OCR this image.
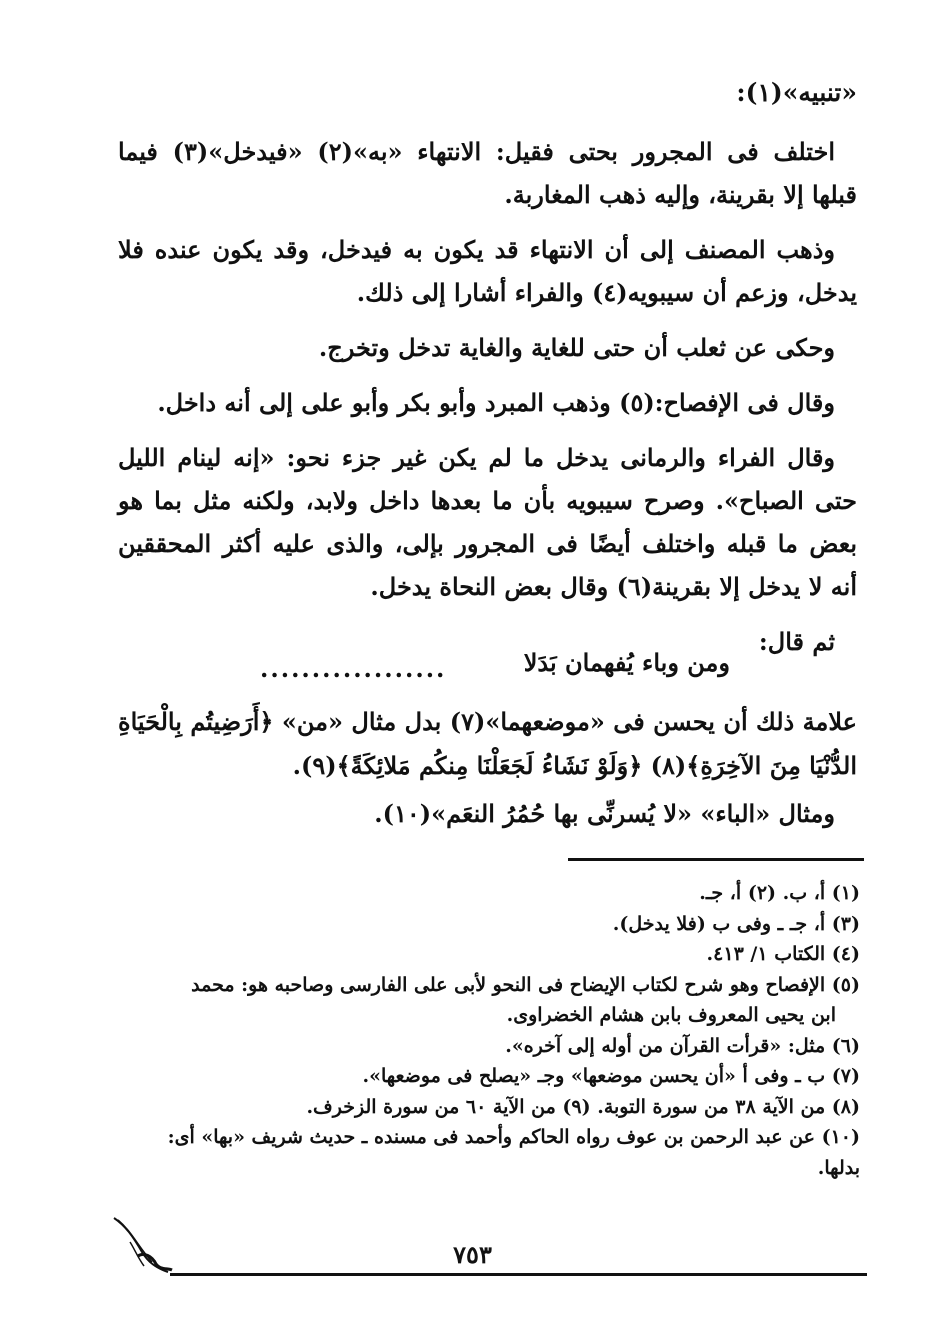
«تنبيه»(١):

اختلف فى المجرور بحتى فقيل: الانتهاء «به»(٢) «فيدخل»(٣) فيما قبلها إلا بقرينة، وإليه ذهب المغاربة.

وذهب المصنف إلى أن الانتهاء قد يكون به فيدخل، وقد يكون عنده فلا يدخل، وزعم أن سيبويه(٤) والفراء أشارا إلى ذلك.

وحكى عن ثعلب أن حتى للغاية والغاية تدخل وتخرج.

وقال فى الإفصاح:(٥) وذهب المبرد وأبو بكر وأبو على إلى أنه داخل.

وقال الفراء والرمانى يدخل ما لم يكن غير جزء نحو: «إنه لينام الليل حتى الصباح». وصرح سيبويه بأن ما بعدها داخل ولابد، ولكنه مثل بما هو بعض ما قبله واختلف أيضًا فى المجرور بإلى، والذى عليه أكثر المحققين أنه لا يدخل إلا بقرينة(٦) وقال بعض النحاة يدخل.

ثم قال:

..................	ومن وباء يُفهمان بَدَلا

علامة ذلك أن يحسن فى «موضعهما»(٧) بدل مثال «من» ﴿أَرَضِيتُم بِالْحَيَاةِ الدُّنْيَا مِنَ الآخِرَةِ﴾(٨) ﴿وَلَوْ نَشَاءُ لَجَعَلْنَا مِنكُم مَلائِكَةً﴾(٩).

ومثال «الباء» «لا يُسرنِّى بها حُمُرُ النعَم»(١٠).

(١) أ، ب. (٢) أ، جـ.

(٣) أ، جـ ـ وفى ب (فلا يدخل).

(٤) الكتاب ١/ ٤١٣.

(٥) الإفصاح وهو شرح لكتاب الإيضاح فى النحو لأبى على الفارسى وصاحبه هو: محمد

ابن يحيى المعروف بابن هشام الخضراوى.

(٦) مثل: «قرأت القرآن من أوله إلى آخره».

(٧) ب ـ وفى أ «أن يحسن موضعها» وجـ «يصلح فى موضعها».

(٨) من الآية ٣٨ من سورة التوبة. (٩) من الآية ٦٠ من سورة الزخرف.

(١٠) عن عبد الرحمن بن عوف رواه الحاكم وأحمد فى مسنده ـ حديث شريف «بها» أى:

بدلها.

٧٥٣
